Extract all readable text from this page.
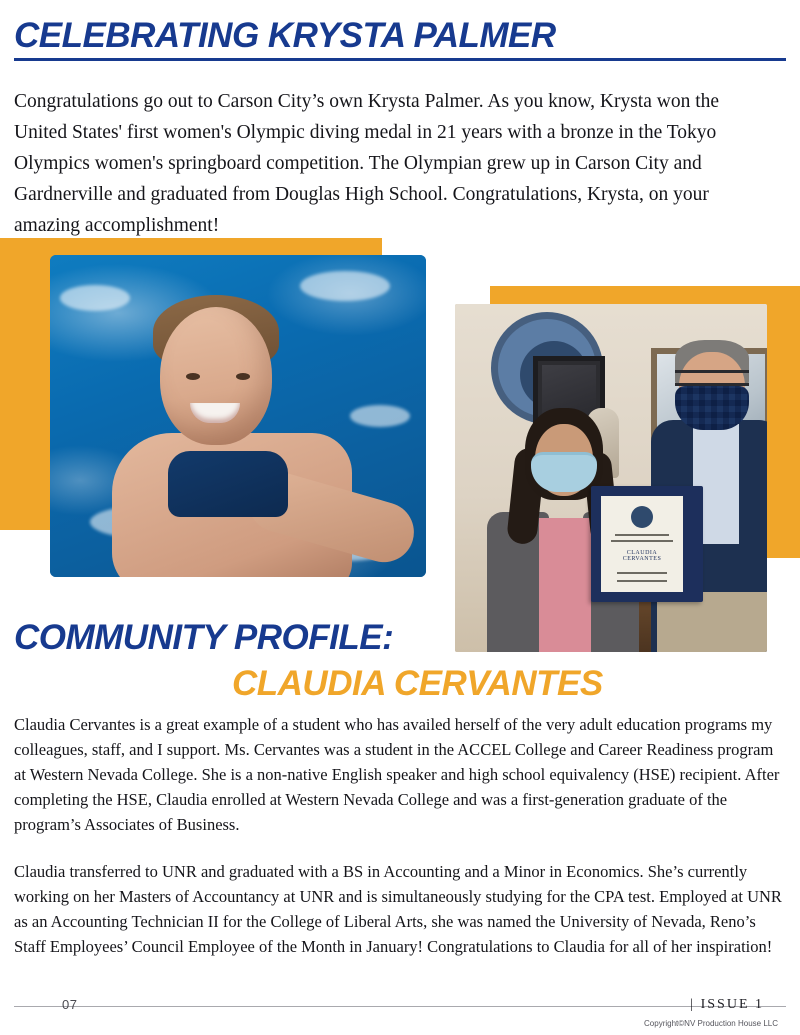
CELEBRATING KRYSTA PALMER

Congratulations go out to Carson City’s own Krysta Palmer. As you know, Krysta won the United States' first women's Olympic diving medal in 21 years with a bronze in the Tokyo Olympics women's springboard competition. The Olympian grew up in Carson City and Gardnerville and graduated from Douglas High School. Congratulations, Krysta, on your amazing accomplishment!

CLAUDIA CERVANTES
COMMUNITY PROFILE:
CLAUDIA CERVANTES

Claudia Cervantes is a great example of a student who has availed herself of the very adult education programs my colleagues, staff, and I support. Ms. Cervantes was a student in the ACCEL College and Career Readiness program at Western Nevada College. She is a non-native English speaker and high school equivalency (HSE) recipient. After completing the HSE, Claudia enrolled at Western Nevada College and was a first-generation graduate of the program’s Associates of Business.

Claudia transferred to UNR and graduated with a BS in Accounting and a Minor in Economics. She’s currently working on her Masters of Accountancy at UNR and is simultaneously studying for the CPA test. Employed at UNR as an Accounting Technician II for the College of Liberal Arts, she was named the University of Nevada, Reno’s Staff Employees’ Council Employee of the Month in January! Congratulations to Claudia for all of her inspiration!

07	| ISSUE 1
Copyright©NV Production House LLC
